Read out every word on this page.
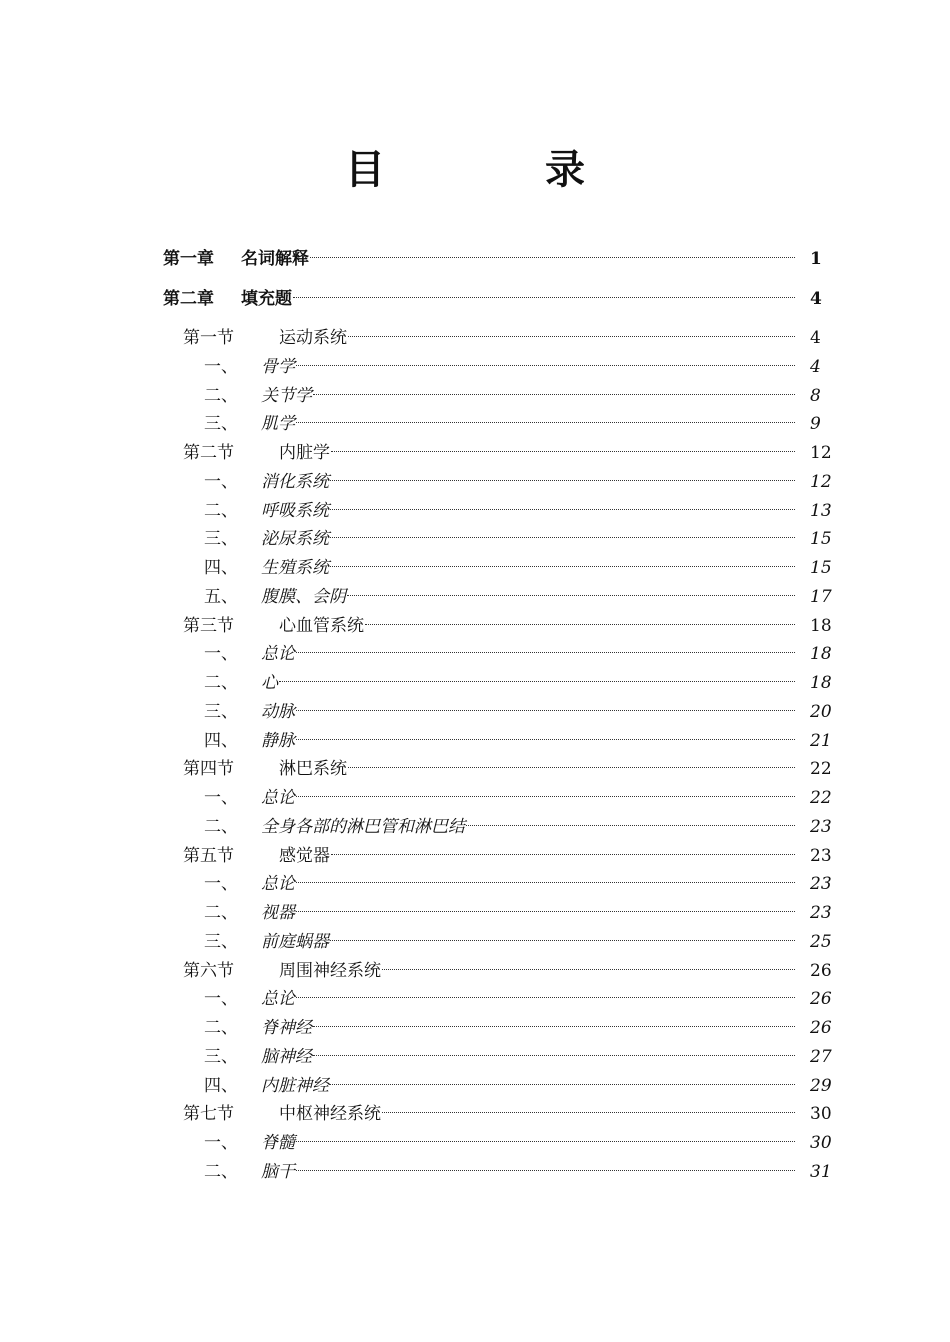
目　录
第一章	名词解释	1
第二章	填充题	4
第一节	运动系统	4
一、	骨学	4
二、	关节学	8
三、	肌学	9
第二节	内脏学	12
一、	消化系统	12
二、	呼吸系统	13
三、	泌尿系统	15
四、	生殖系统	15
五、	腹膜、会阴	17
第三节	心血管系统	18
一、	总论	18
二、	心	18
三、	动脉	20
四、	静脉	21
第四节	淋巴系统	22
一、	总论	22
二、	全身各部的淋巴管和淋巴结	23
第五节	感觉器	23
一、	总论	23
二、	视器	23
三、	前庭蜗器	25
第六节	周围神经系统	26
一、	总论	26
二、	脊神经	26
三、	脑神经	27
四、	内脏神经	29
第七节	中枢神经系统	30
一、	脊髓	30
二、	脑干	31
